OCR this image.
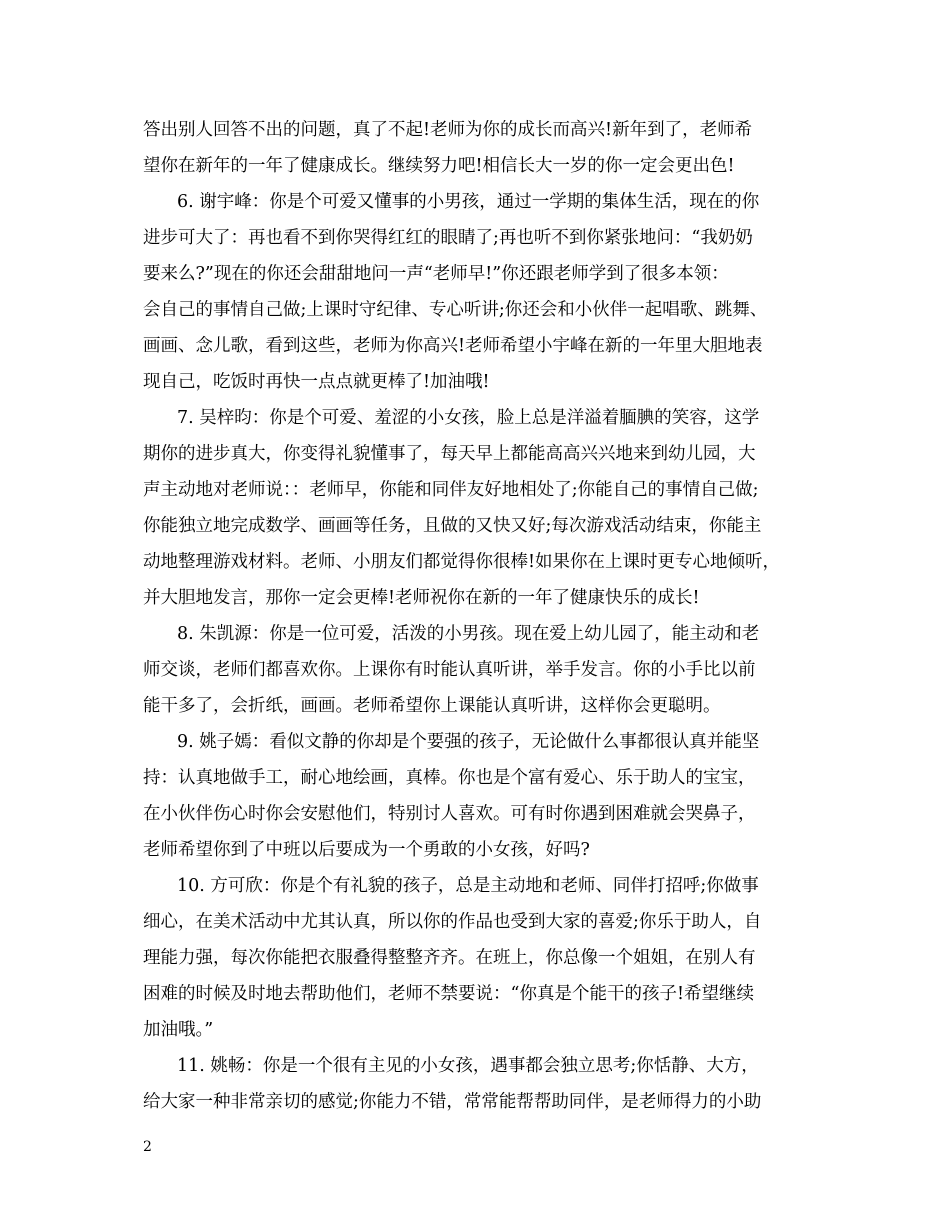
答出别人回答不出的问题，真了不起!老师为你的成长而高兴!新年到了，老师希

望你在新年的一年了健康成长。继续努力吧!相信长大一岁的你一定会更出色!

6. 谢宇峰：你是个可爱又懂事的小男孩，通过一学期的集体生活，现在的你

进步可大了：再也看不到你哭得红红的眼睛了;再也听不到你紧张地问：“我奶奶

要来么?”现在的你还会甜甜地问一声“老师早!”你还跟老师学到了很多本领：

会自己的事情自己做;上课时守纪律、专心听讲;你还会和小伙伴一起唱歌、跳舞、

画画、念儿歌，看到这些，老师为你高兴!老师希望小宇峰在新的一年里大胆地表

现自己，吃饭时再快一点点就更棒了!加油哦!

7. 吴梓昀：你是个可爱、羞涩的小女孩，脸上总是洋溢着腼腆的笑容，这学

期你的进步真大，你变得礼貌懂事了，每天早上都能高高兴兴地来到幼儿园，大

声主动地对老师说：：老师早，你能和同伴友好地相处了;你能自己的事情自己做;

你能独立地完成数学、画画等任务，且做的又快又好;每次游戏活动结束，你能主

动地整理游戏材料。老师、小朋友们都觉得你很棒!如果你在上课时更专心地倾听，

并大胆地发言，那你一定会更棒!老师祝你在新的一年了健康快乐的成长!

8. 朱凯源：你是一位可爱，活泼的小男孩。现在爱上幼儿园了，能主动和老

师交谈，老师们都喜欢你。上课你有时能认真听讲，举手发言。你的小手比以前

能干多了，会折纸，画画。老师希望你上课能认真听讲，这样你会更聪明。

9. 姚子嫣：看似文静的你却是个要强的孩子，无论做什么事都很认真并能坚

持：认真地做手工，耐心地绘画，真棒。你也是个富有爱心、乐于助人的宝宝，

在小伙伴伤心时你会安慰他们，特别讨人喜欢。可有时你遇到困难就会哭鼻子，

老师希望你到了中班以后要成为一个勇敢的小女孩，好吗?

10. 方可欣：你是个有礼貌的孩子，总是主动地和老师、同伴打招呼;你做事

细心，在美术活动中尤其认真，所以你的作品也受到大家的喜爱;你乐于助人，自

理能力强，每次你能把衣服叠得整整齐齐。在班上，你总像一个姐姐，在别人有

困难的时候及时地去帮助他们，老师不禁要说：“你真是个能干的孩子!希望继续

加油哦。”

11. 姚畅：你是一个很有主见的小女孩，遇事都会独立思考;你恬静、大方，

给大家一种非常亲切的感觉;你能力不错，常常能帮帮助同伴，是老师得力的小助

2
